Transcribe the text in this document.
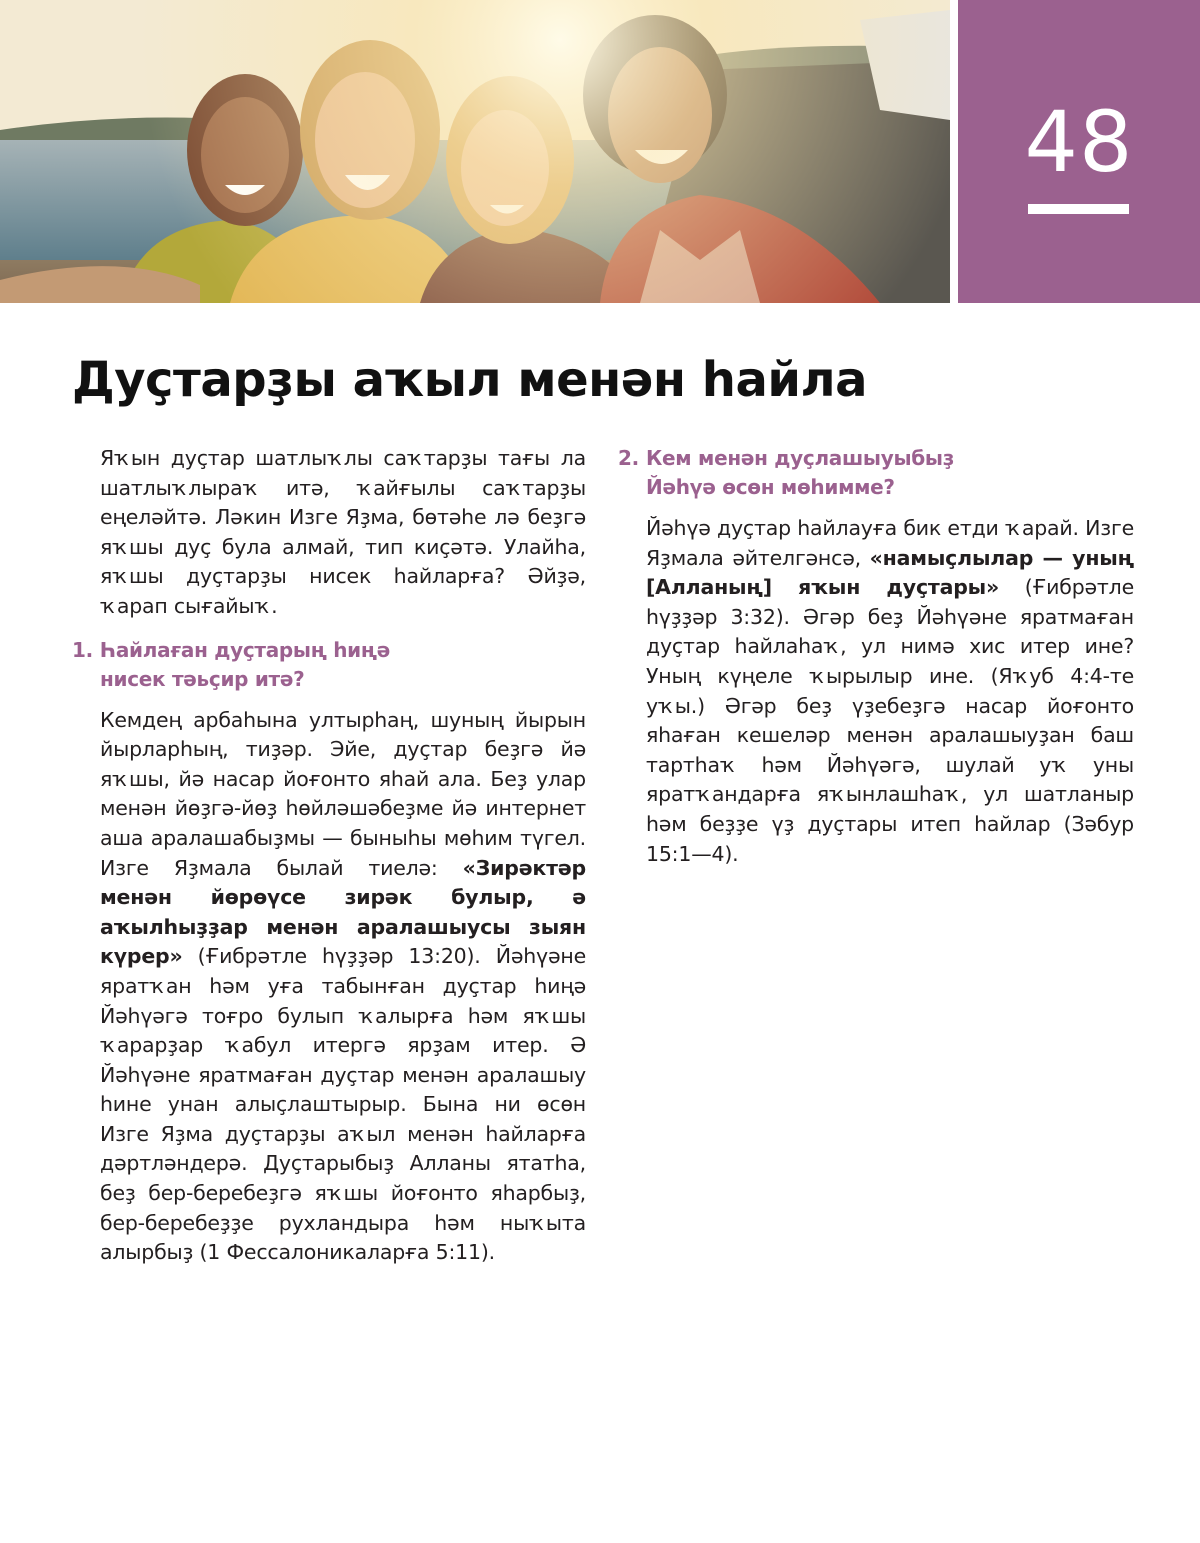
48
Дуҫтарҙы аҡыл менән һайла

Яҡын дуҫтар шатлыҡлы саҡтарҙы тағы ла шатлыҡлыраҡ итә, ҡайғылы саҡтарҙы еңеләйтә. Ләкин Изге Яҙма, бөтәһе лә беҙгә яҡшы дуҫ була алмай, тип киҫәтә. Улайһа, яҡшы дуҫтарҙы нисек һайларға? Әйҙә, ҡарап сығайыҡ.

1. Һайлаған дуҫтарың һиңә
нисек тәьҫир итә?

Кемдең арбаһына ултырһаң, шуның йырын йырларһың, тиҙәр. Эйе, дуҫтар беҙгә йә яҡшы, йә насар йоғонто яһай ала. Беҙ улар менән йөҙгә-йөҙ һөйләшәбеҙме йә интернет аша аралашабыҙмы — быныһы мөһим түгел. Изге Яҙмала былай тиелә: «Зирәктәр менән йөрөүсе зирәк булыр, ә аҡылһыҙҙар менән аралашыусы зыян күрер» (Ғибрәтле һүҙҙәр 13:20). Йәһүәне яратҡан һәм уға табынған дуҫтар һиңә Йәһүәгә тоғро булып ҡалырға һәм яҡшы ҡарарҙар ҡабул итергә ярҙам итер. Ә Йәһүәне яратмаған дуҫтар менән аралашыу һине унан алыҫлаштырыр. Бына ни өсөн Изге Яҙма дуҫтарҙы аҡыл менән һайларға дәртләндерә. Дуҫтарыбыҙ Алланы ятатһа, беҙ бер-беребеҙгә яҡшы йоғонто яһарбыҙ, бер-беребеҙҙе рухландыра һәм ныҡыта алырбыҙ (1 Фессалоникаларға 5:11).

2. Кем менән дуҫлашыуыбыҙ
Йәһүә өсөн мөһимме?

Йәһүә дуҫтар һайлауға бик етди ҡарай. Изге Яҙмала әйтелгәнсә, «намыҫлылар — уның [Алланың] яҡын дуҫтары» (Ғибрәтле һүҙҙәр 3:32). Әгәр беҙ Йәһүәне яратмаған дуҫтар һайлаһаҡ, ул нимә хис итер ине? Уның күңеле ҡырылыр ине. (Яҡуб 4:4-те уҡы.) Әгәр беҙ үҙебеҙгә насар йоғонто яһаған кешеләр менән аралашыуҙан баш тартһаҡ һәм Йәһүәгә, шулай уҡ уны яратҡандарға яҡынлашһаҡ, ул шатланыр һәм беҙҙе үҙ дуҫтары итеп һайлар (Зәбур 15:1—4).
